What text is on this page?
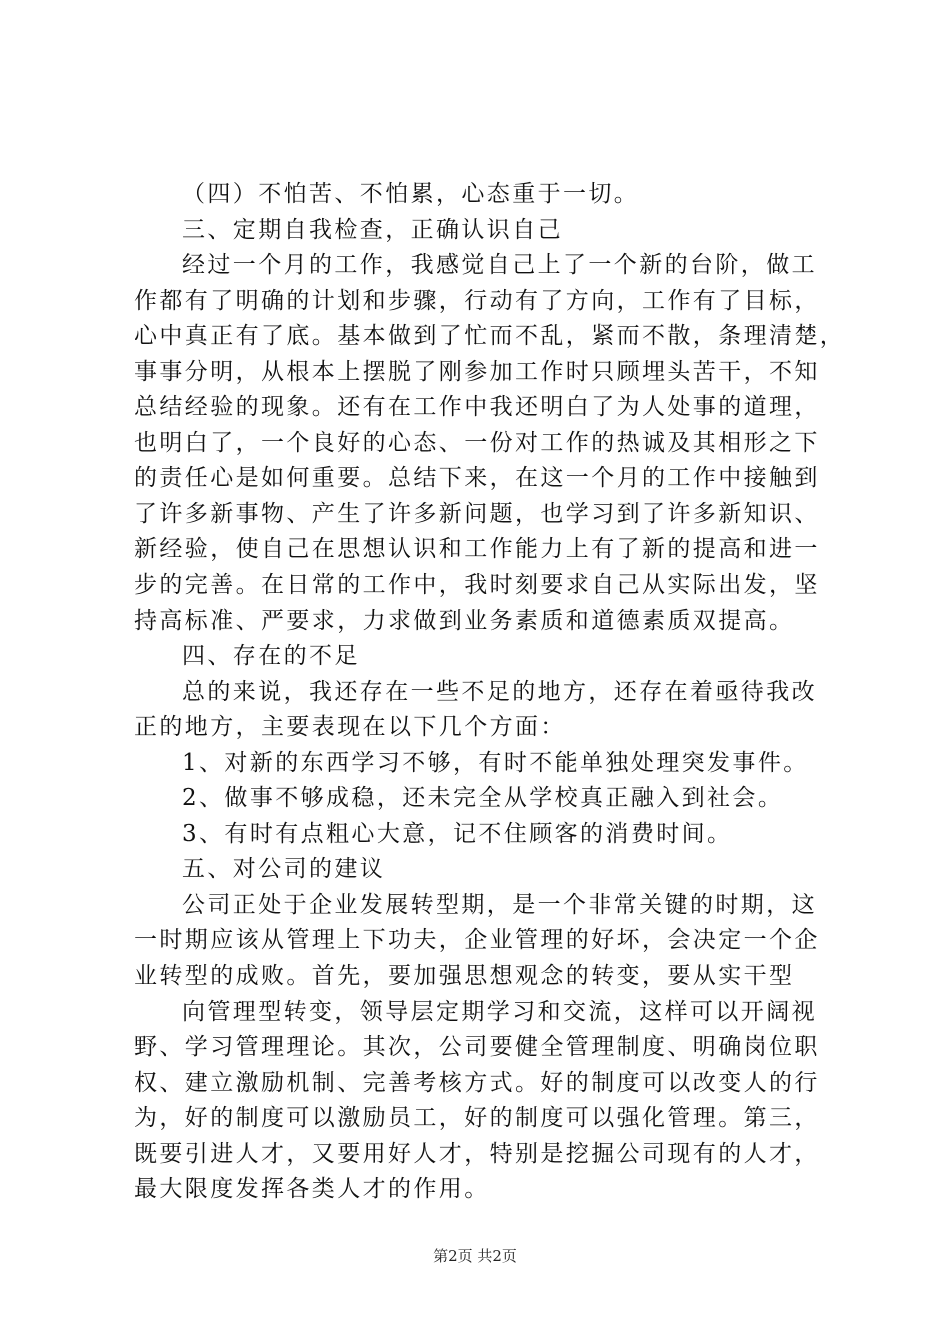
（四）不怕苦、不怕累，心态重于一切。
三、定期自我检查，正确认识自己
经过一个月的工作，我感觉自己上了一个新的台阶，做工
作都有了明确的计划和步骤，行动有了方向，工作有了目标，
心中真正有了底。基本做到了忙而不乱，紧而不散，条理清楚，
事事分明，从根本上摆脱了刚参加工作时只顾埋头苦干，不知
总结经验的现象。还有在工作中我还明白了为人处事的道理，
也明白了，一个良好的心态、一份对工作的热诚及其相形之下
的责任心是如何重要。总结下来，在这一个月的工作中接触到
了许多新事物、产生了许多新问题，也学习到了许多新知识、
新经验，使自己在思想认识和工作能力上有了新的提高和进一
步的完善。在日常的工作中，我时刻要求自己从实际出发，坚
持高标准、严要求，力求做到业务素质和道德素质双提高。
四、存在的不足
总的来说，我还存在一些不足的地方，还存在着亟待我改
正的地方，主要表现在以下几个方面：
1、对新的东西学习不够，有时不能单独处理突发事件。
2、做事不够成稳，还未完全从学校真正融入到社会。
3、有时有点粗心大意，记不住顾客的消费时间。
五、对公司的建议
公司正处于企业发展转型期，是一个非常关键的时期，这
一时期应该从管理上下功夫，企业管理的好坏，会决定一个企
业转型的成败。首先，要加强思想观念的转变，要从实干型
向管理型转变，领导层定期学习和交流，这样可以开阔视
野、学习管理理论。其次，公司要健全管理制度、明确岗位职
权、建立激励机制、完善考核方式。好的制度可以改变人的行
为，好的制度可以激励员工，好的制度可以强化管理。第三，
既要引进人才，又要用好人才，特别是挖掘公司现有的人才，
最大限度发挥各类人才的作用。
第2页 共2页
